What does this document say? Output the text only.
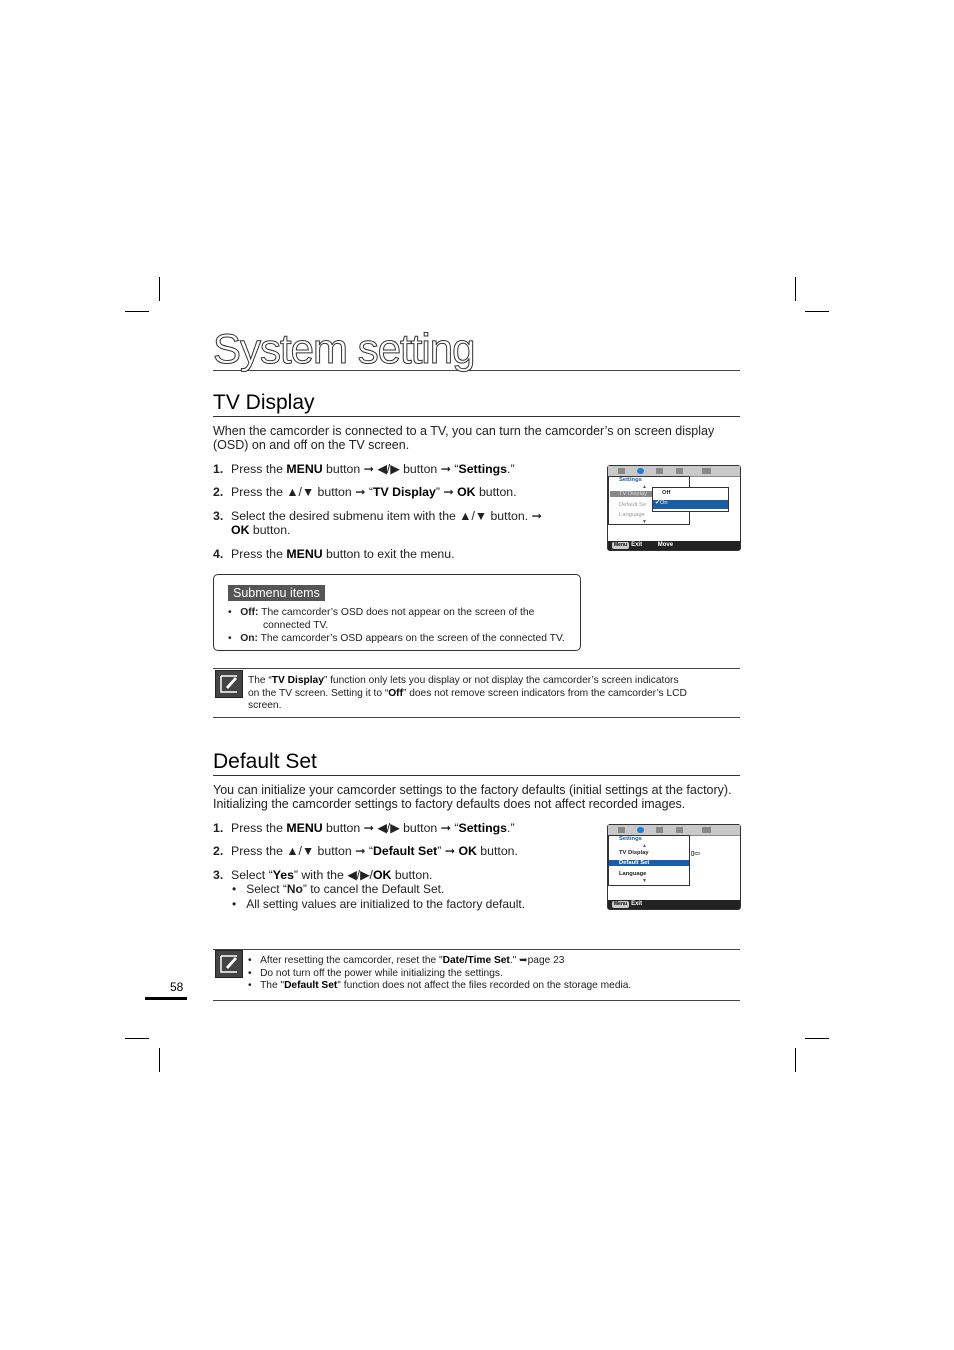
System setting
TV Display
When the camcorder is connected to a TV, you can turn the camcorder’s on screen display (OSD) on and off on the TV screen.
1. Press the MENU button ➞ ◀/▶ button ➞ “Settings.”
2. Press the ▲/▼ button ➞ “TV Display” ➞ OK button.
3. Select the desired submenu item with the ▲/▼ button. ➞
OK button.
4. Press the MENU button to exit the menu.
Settings
▲
TV Display
Default Se
Language
▼
Off
✔On
Menu Exit	Move
Submenu items
•   Off: The camcorder’s OSD does not appear on the screen of the
connected TV.
•   On: The camcorder’s OSD appears on the screen of the connected TV.
The “TV Display” function only lets you display or not display the camcorder’s screen indicators
on the TV screen. Setting it to “Off” does not remove screen indicators from the camcorder’s LCD
screen.
Default Set
You can initialize your camcorder settings to the factory defaults (initial settings at the factory). Initializing the camcorder settings to factory defaults does not affect recorded images.
1. Press the MENU button ➞ ◀/▶ button ➞ “Settings.”
2. Press the ▲/▼ button ➞ “Default Set” ➞ OK button.
3. Select “Yes” with the ◀/▶/OK button.
•   Select “No” to cancel the Default Set.
•   All setting values are initialized to the factory default.
Settings
▲
TV Display
Default Set
Language
▼
▯▭
Menu Exit
•   After resetting the camcorder, reset the "Date/Time Set." ➥page 23
•   Do not turn off the power while initializing the settings.
•   The "Default Set" function does not affect the files recorded on the storage media.
58
